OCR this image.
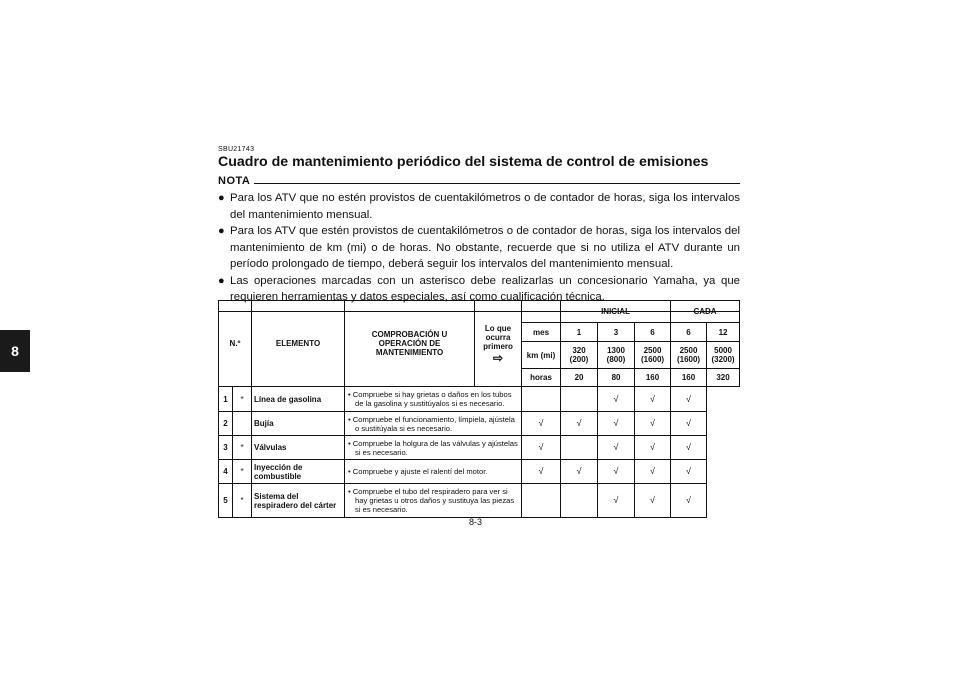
8
SBU21743
Cuadro de mantenimiento periódico del sistema de control de emisiones
NOTA
● Para los ATV que no estén provistos de cuentakilómetros o de contador de horas, siga los intervalos del mantenimiento mensual.
● Para los ATV que estén provistos de cuentakilómetros o de contador de horas, siga los intervalos del mantenimiento de km (mi) o de horas. No obstante, recuerde que si no utiliza el ATV durante un período prolongado de tiempo, deberá seguir los intervalos del mantenimiento mensual.
● Las operaciones marcadas con un asterisco debe realizarlas un concesionario Yamaha, ya que requieren herramientas y datos especiales, así como cualificación técnica.
N.º		ELEMENTO	COMPROBACIÓN U OPERACIÓN DE MANTENIMIENTO	Lo que ocurra primero
⇨		INICIAL			CADA	
					mes	1	3	6	6	12
					km (mi)	320 (200)	1300 (800)	2500 (1600)	2500 (1600)	5000 (3200)
					horas	20	80	160	160	320
1	*	Línea de gasolina	• Compruebe si hay grietas o daños en los tubos de la gasolina y sustitúyalos si es necesario.				√	√	√	
2		Bujía	• Compruebe el funcionamiento, límpiela, ajústela o sustitúyala si es necesario.		√	√	√	√	√	
3	*	Válvulas	• Compruebe la holgura de las válvulas y ajústelas si es necesario.		√		√	√	√	
4	*	Inyección de combustible	• Compruebe y ajuste el ralentí del motor.		√	√	√	√	√	
5	*	Sistema del respiradero del cárter	• Compruebe el tubo del respiradero para ver si hay grietas u otros daños y sustituya las piezas si es necesario.				√	√	√	
8-3
